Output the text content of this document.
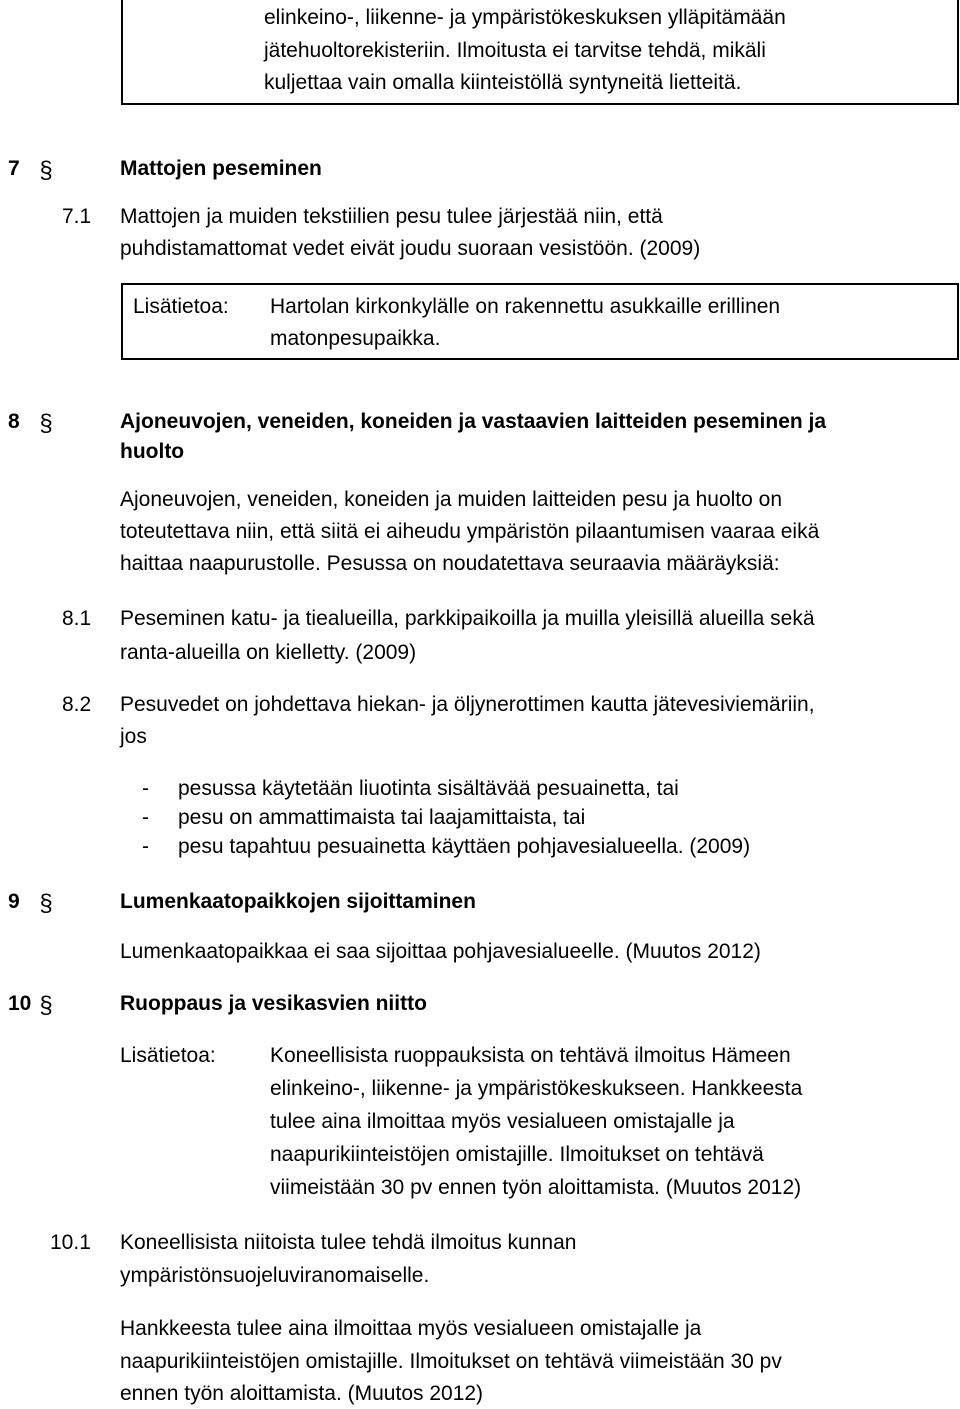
elinkeino-, liikenne- ja ympäristökeskuksen ylläpitämään
jätehuoltorekisteriin. Ilmoitusta ei tarvitse tehdä, mikäli
kuljettaa vain omalla kiinteistöllä syntyneitä lietteitä.
7 §	Mattojen peseminen
7.1 Mattojen ja muiden tekstiilien pesu tulee järjestää niin, että
puhdistamattomat vedet eivät joudu suoraan vesistöön. (2009)
Lisätietoa: Hartolan kirkonkylälle on rakennettu asukkaille erillinen
matonpesupaikka.
8 §	Ajoneuvojen, veneiden, koneiden ja vastaavien laitteiden peseminen ja
huolto
Ajoneuvojen, veneiden, koneiden ja muiden laitteiden pesu ja huolto on
toteutettava niin, että siitä ei aiheudu ympäristön pilaantumisen vaaraa eikä
haittaa naapurustolle. Pesussa on noudatettava seuraavia määräyksiä:
8.1 Peseminen katu- ja tiealueilla, parkkipaikoilla ja muilla yleisillä alueilla sekä
ranta-alueilla on kielletty. (2009)
8.2 Pesuvedet on johdettava hiekan- ja öljynerottimen kautta jätevesiviemäriin,
jos
- pesussa käytetään liuotinta sisältävää pesuainetta, tai
- pesu on ammattimaista tai laajamittaista, tai
- pesu tapahtuu pesuainetta käyttäen pohjavesialueella. (2009)
9 §	Lumenkaatopaikkojen sijoittaminen
Lumenkaatopaikkaa ei saa sijoittaa pohjavesialueelle. (Muutos 2012)
10 §	Ruoppaus ja vesikasvien niitto
Lisätietoa:	Koneellisista ruoppauksista on tehtävä ilmoitus Hämeen
elinkeino-, liikenne- ja ympäristökeskukseen. Hankkeesta
tulee aina ilmoittaa myös vesialueen omistajalle ja
naapurikiinteistöjen omistajille. Ilmoitukset on tehtävä
viimeistään 30 pv ennen työn aloittamista. (Muutos 2012)
10.1 Koneellisista niitoista tulee tehdä ilmoitus kunnan
ympäristönsuojeluviranomaiselle.
Hankkeesta tulee aina ilmoittaa myös vesialueen omistajalle ja
naapurikiinteistöjen omistajille. Ilmoitukset on tehtävä viimeistään 30 pv
ennen työn aloittamista. (Muutos 2012)
